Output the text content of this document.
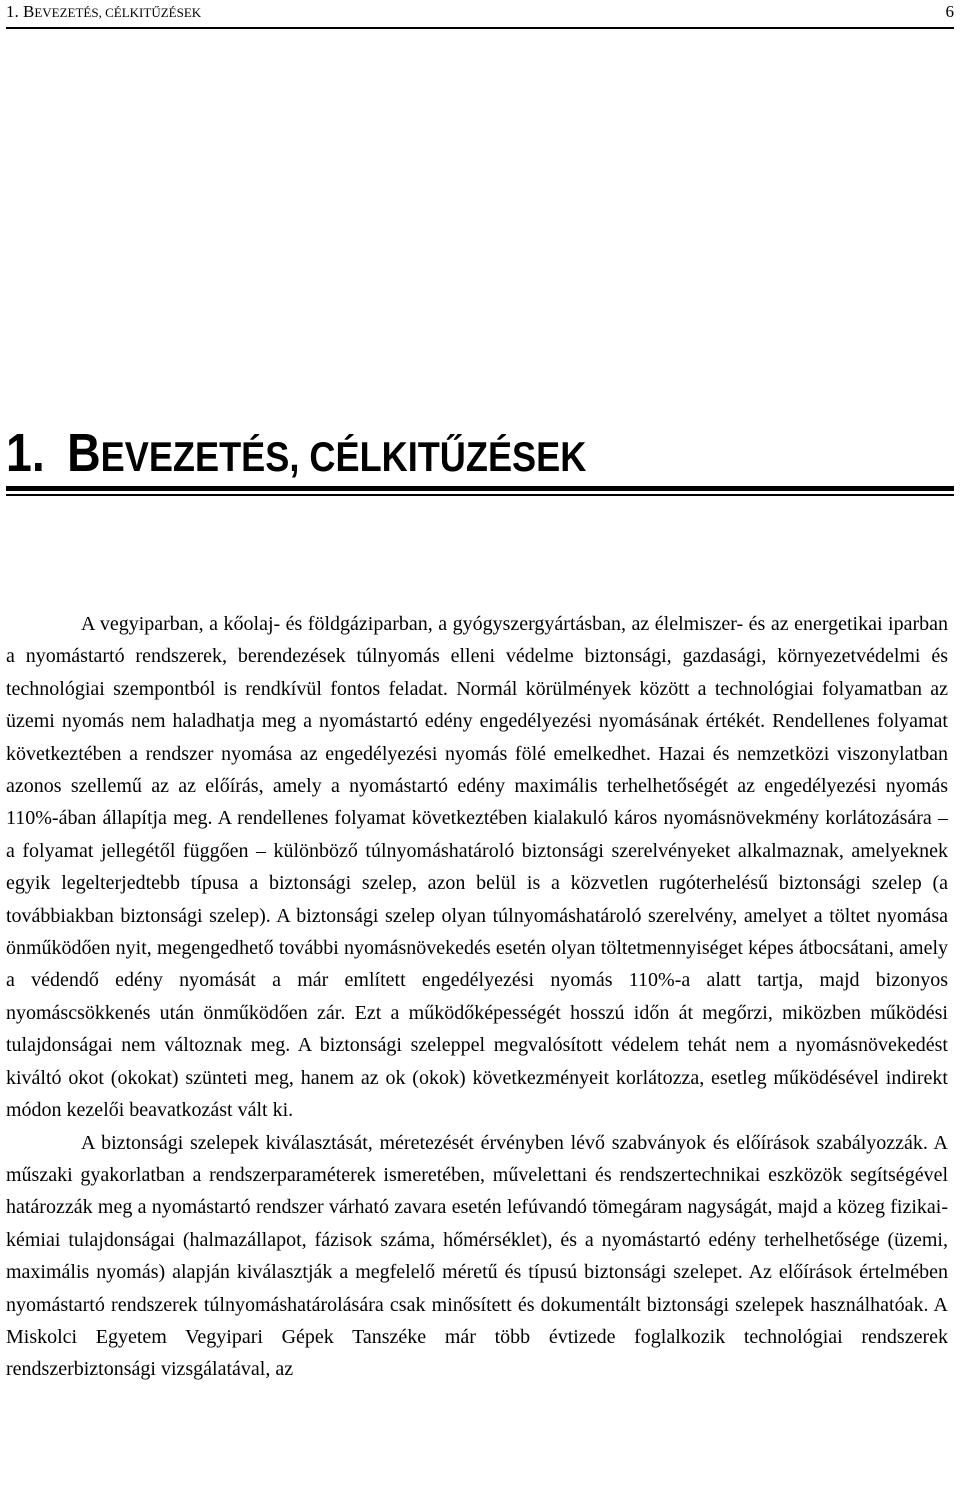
1. BEVEZETÉS, CÉLKITŰZÉSEK	6
1. BEVEZETÉS, CÉLKITŰZÉSEK

A vegyiparban, a kőolaj- és földgáziparban, a gyógyszergyártásban, az élelmiszer- és az energetikai iparban a nyomástartó rendszerek, berendezések túlnyomás elleni védelme biztonsági, gazdasági, környezetvédelmi és technológiai szempontból is rendkívül fontos feladat. Normál körülmények között a technológiai folyamatban az üzemi nyomás nem haladhatja meg a nyomástartó edény engedélyezési nyomásának értékét. Rendellenes folyamat következtében a rendszer nyomása az engedélyezési nyomás fölé emelkedhet. Hazai és nemzetközi viszonylatban azonos szellemű az az előírás, amely a nyomástartó edény maximális terhelhetőségét az engedélyezési nyomás 110%-ában állapítja meg. A rendellenes folyamat következtében kialakuló káros nyomásnövekmény korlátozására – a folyamat jellegétől függően – különböző túlnyomáshatároló biztonsági szerelvényeket alkalmaznak, amelyeknek egyik legelterjedtebb típusa a biztonsági szelep, azon belül is a közvetlen rugóterhelésű biztonsági szelep (a továbbiakban biztonsági szelep). A biztonsági szelep olyan túlnyomáshatároló szerelvény, amelyet a töltet nyomása önműködően nyit, megengedhető további nyomásnövekedés esetén olyan töltetmennyiséget képes átbocsátani, amely a védendő edény nyomását a már említett engedélyezési nyomás 110%-a alatt tartja, majd bizonyos nyomáscsökkenés után önműködően zár. Ezt a működőképességét hosszú időn át megőrzi, miközben működési tulajdonságai nem változnak meg. A biztonsági szeleppel megvalósított védelem tehát nem a nyomásnövekedést kiváltó okot (okokat) szünteti meg, hanem az ok (okok) következményeit korlátozza, esetleg működésével indirekt módon kezelői beavatkozást vált ki.

A biztonsági szelepek kiválasztását, méretezését érvényben lévő szabványok és előírások szabályozzák. A műszaki gyakorlatban a rendszerparaméterek ismeretében, művelettani és rendszertechnikai eszközök segítségével határozzák meg a nyomástartó rendszer várható zavara esetén lefúvandó tömegáram nagyságát, majd a közeg fizikai-kémiai tulajdonságai (halmazállapot, fázisok száma, hőmérséklet), és a nyomástartó edény terhelhetősége (üzemi, maximális nyomás) alapján kiválasztják a megfelelő méretű és típusú biztonsági szelepet. Az előírások értelmében nyomástartó rendszerek túlnyomáshatárolására csak minősített és dokumentált biztonsági szelepek használhatóak. A Miskolci Egyetem Vegyipari Gépek Tanszéke már több évtizede foglalkozik technológiai rendszerek rendszerbiztonsági vizsgálatával, az
